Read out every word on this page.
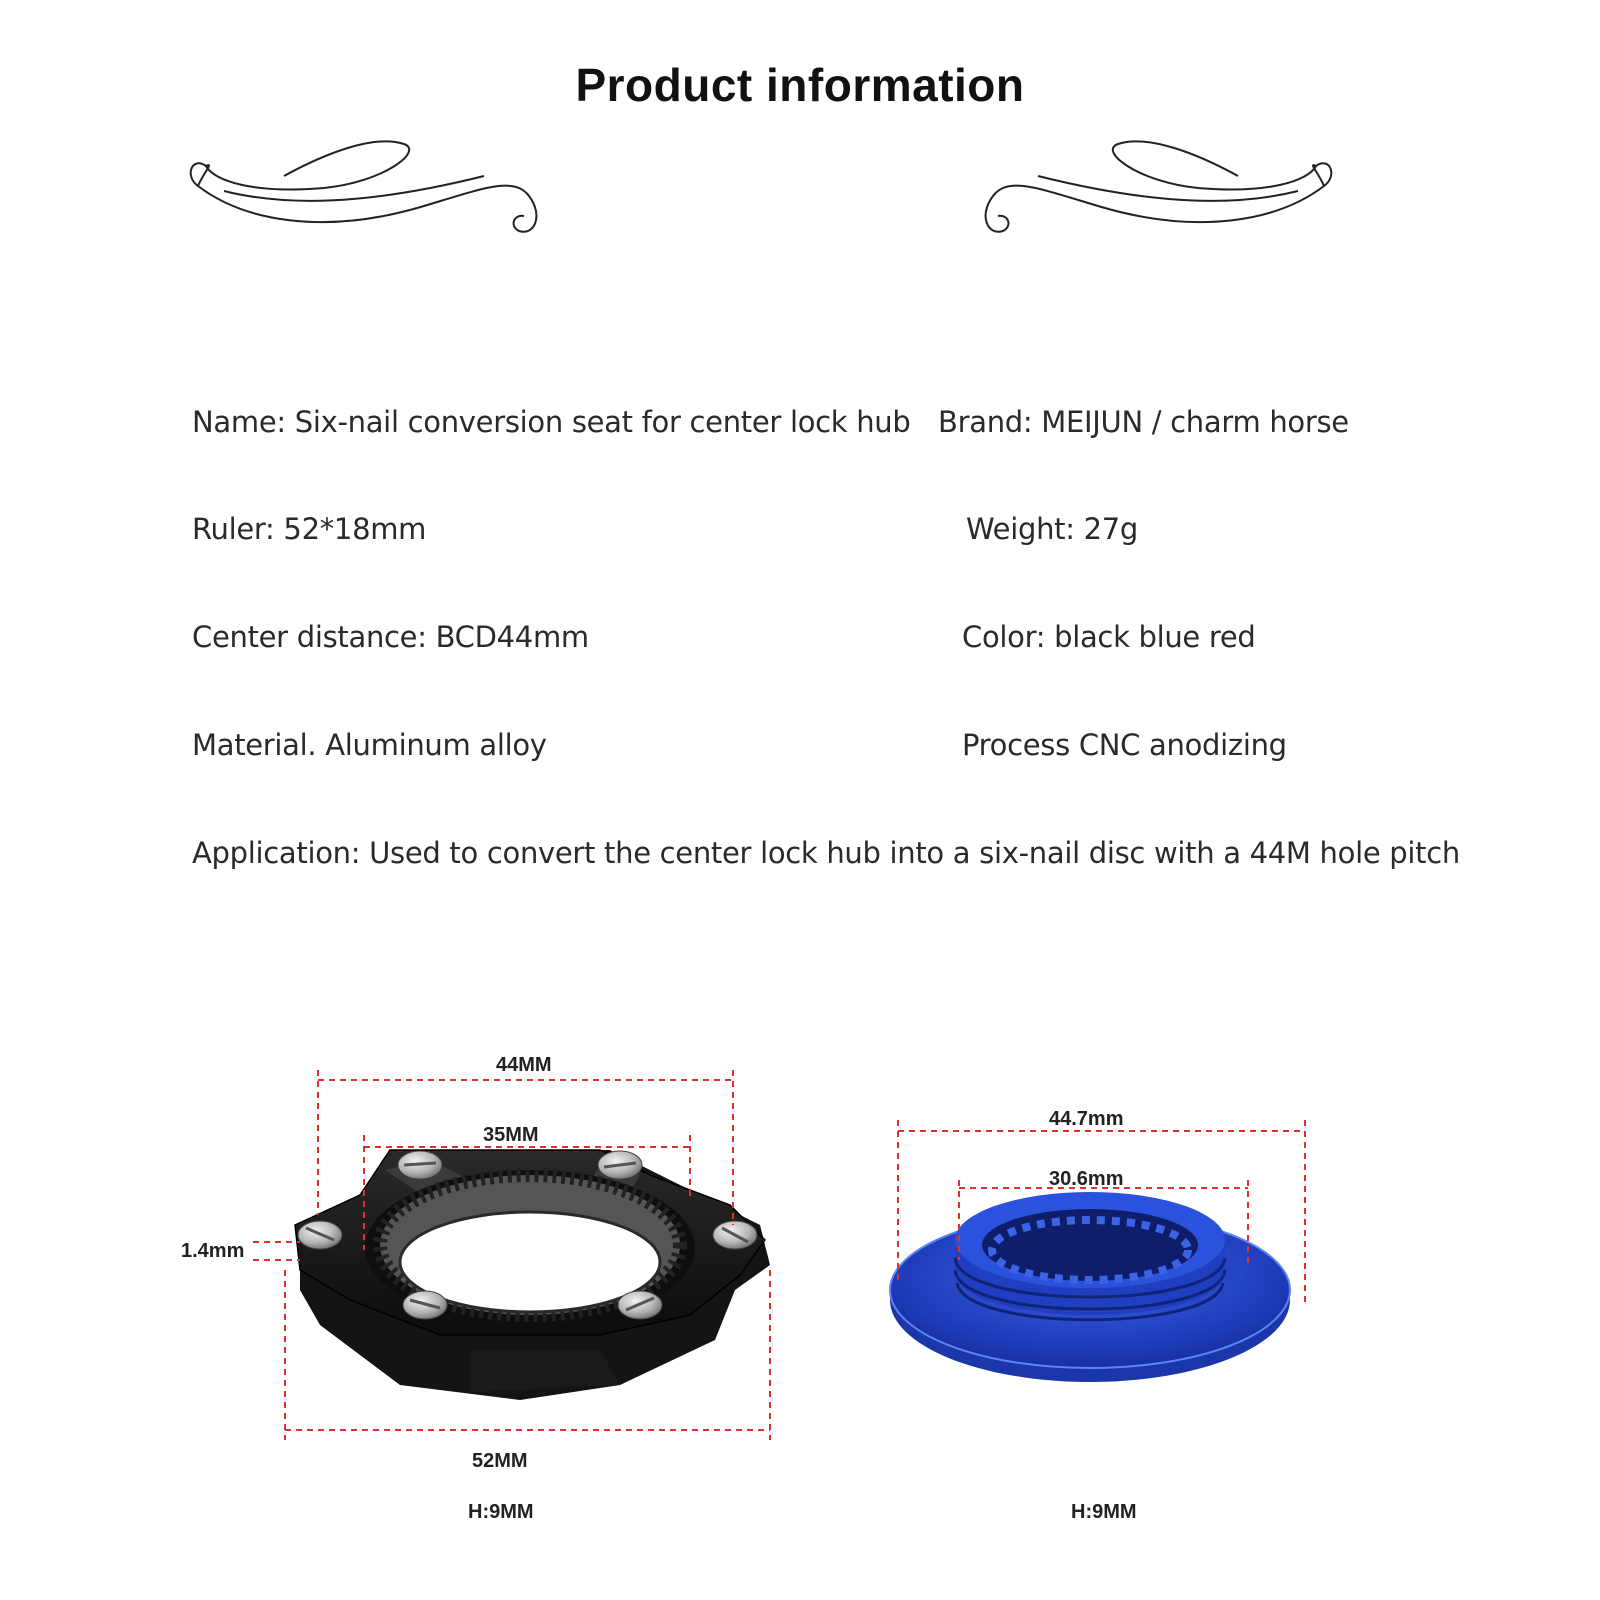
Product information
Name: Six-nail conversion seat for center lock hub Brand: MEIJUN / charm horse
Ruler: 52*18mm	Weight: 27g
Center distance: BCD44mm	Color: black blue red
Material. Aluminum alloy	Process CNC anodizing
Application: Used to convert the center lock hub into a six-nail disc with a 44M hole pitch
44MM
35MM
1.4mm
52MM
H:9MM
44.7mm
30.6mm
H:9MM
